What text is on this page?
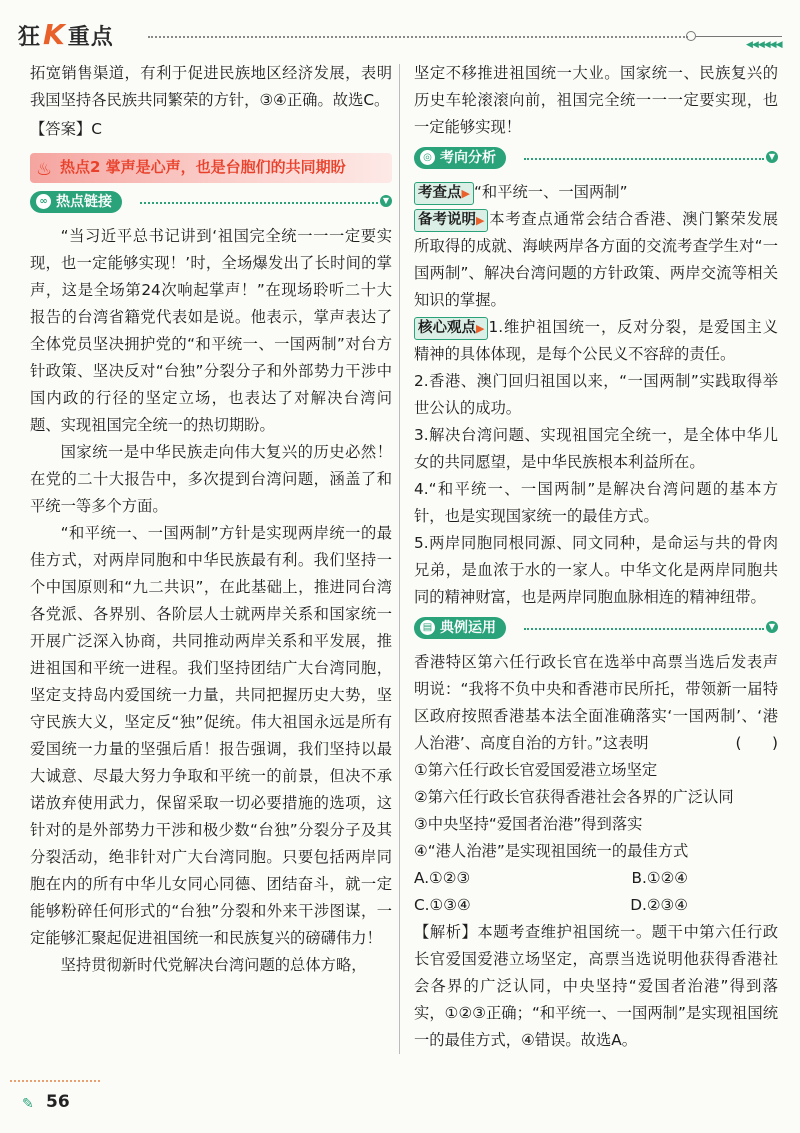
狂K重点	◀◀◀◀◀◀

拓宽销售渠道，有利于促进民族地区经济发展，表明我国坚持各民族共同繁荣的方针，③④正确。故选C。

【答案】C

♨ 热点2 掌声是心声，也是台胞们的共同期盼
∞ 热点链接	▼

“当习近平总书记讲到‘祖国完全统一一一定要实现，也一定能够实现！’时，全场爆发出了长时间的掌声，这是全场第24次响起掌声！”在现场聆听二十大报告的台湾省籍党代表如是说。他表示，掌声表达了全体党员坚决拥护党的“和平统一、一国两制”对台方针政策、坚决反对“台独”分裂分子和外部势力干涉中国内政的行径的坚定立场，也表达了对解决台湾问题、实现祖国完全统一的热切期盼。

国家统一是中华民族走向伟大复兴的历史必然！在党的二十大报告中，多次提到台湾问题，涵盖了和平统一等多个方面。

“和平统一、一国两制”方针是实现两岸统一的最佳方式，对两岸同胞和中华民族最有利。我们坚持一个中国原则和“九二共识”，在此基础上，推进同台湾各党派、各界别、各阶层人士就两岸关系和国家统一开展广泛深入协商，共同推动两岸关系和平发展，推进祖国和平统一进程。我们坚持团结广大台湾同胞，坚定支持岛内爱国统一力量，共同把握历史大势，坚守民族大义，坚定反“独”促统。伟大祖国永远是所有爱国统一力量的坚强后盾！报告强调，我们坚持以最大诚意、尽最大努力争取和平统一的前景，但决不承诺放弃使用武力，保留采取一切必要措施的选项，这针对的是外部势力干涉和极少数“台独”分裂分子及其分裂活动，绝非针对广大台湾同胞。只要包括两岸同胞在内的所有中华儿女同心同德、团结奋斗，就一定能够粉碎任何形式的“台独”分裂和外来干涉图谋，一定能够汇聚起促进祖国统一和民族复兴的磅礴伟力！

坚持贯彻新时代党解决台湾问题的总体方略，

坚定不移推进祖国统一大业。国家统一、民族复兴的历史车轮滚滚向前，祖国完全统一一一定要实现，也一定能够实现！

◎ 考向分析	▼

考查点▶ “和平统一、一国两制”

备考说明▶ 本考查点通常会结合香港、澳门繁荣发展所取得的成就、海峡两岸各方面的交流考查学生对“一国两制”、解决台湾问题的方针政策、两岸交流等相关知识的掌握。

核心观点▶ 1.维护祖国统一，反对分裂，是爱国主义精神的具体体现，是每个公民义不容辞的责任。

2.香港、澳门回归祖国以来，“一国两制”实践取得举世公认的成功。

3.解决台湾问题、实现祖国完全统一，是全体中华儿女的共同愿望，是中华民族根本利益所在。

4.“和平统一、一国两制”是解决台湾问题的基本方针，也是实现国家统一的最佳方式。

5.两岸同胞同根同源、同文同种，是命运与共的骨肉兄弟，是血浓于水的一家人。中华文化是两岸同胞共同的精神财富，也是两岸同胞血脉相连的精神纽带。

▤ 典例运用	▼

香港特区第六任行政长官在选举中高票当选后发表声明说：“我将不负中央和香港市民所托，带领新一届特区政府按照香港基本法全面准确落实‘一国两制’、‘港人治港’、高度自治的方针。”这表明	(　　)

①第六任行政长官爱国爱港立场坚定

②第六任行政长官获得香港社会各界的广泛认同

③中央坚持“爱国者治港”得到落实

④“港人治港”是实现祖国统一的最佳方式

A.①②③	B.①②④
C.①③④	D.②③④

【解析】本题考查维护祖国统一。题干中第六任行政长官爱国爱港立场坚定，高票当选说明他获得香港社会各界的广泛认同，中央坚持“爱国者治港”得到落实，①②③正确；“和平统一、一国两制”是实现祖国统一的最佳方式，④错误。故选A。

✎ 56
